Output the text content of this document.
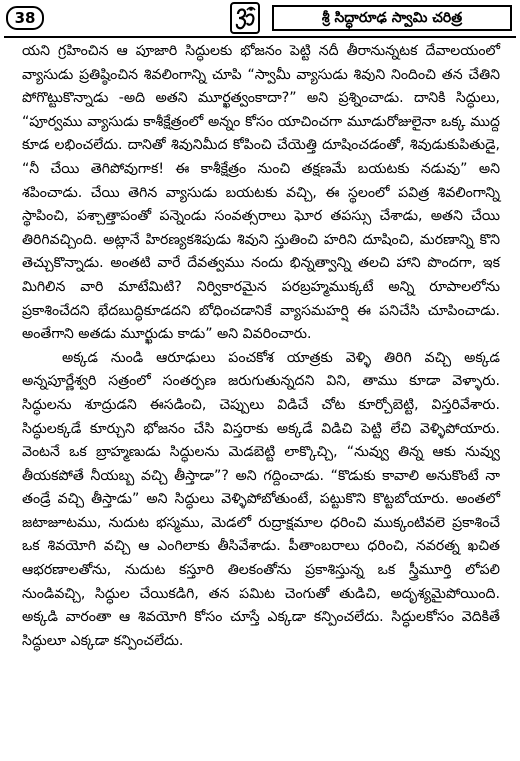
38	శ్రీ సిద్ధారూఢ స్వామి చరిత్ర

యని గ్రహించిన ఆ పూజారి సిద్ధులకు భోజనం పెట్టి నదీ తీరానున్నటక దేవాలయంలో వ్యాసుడు ప్రతిష్ఠించిన శివలింగాన్ని చూపి “స్వామీ వ్యాసుడు శివుని నిందించి తన చేతిని పోగొట్టుకొన్నాడు -అది అతని మూర్ఖత్వంకాదా?” అని ప్రశ్నించాడు. దానికి సిద్ధులు, “పూర్వము వ్యాసుడు కాశీక్షేత్రంలో అన్నం కోసం యాచించగా మూడురోజులైనా ఒక్క ముద్ద కూడ లభించలేదు. దానితో శివునిమీద కోపించి చేయెత్తి దూషించడంతో, శివుడుకుపితుడై, “నీ చేయి తెగిపోవుగాక! ఈ కాశీక్షేత్రం నుంచి తక్షణమే బయటకు నడువు” అని శపించాడు. చేయి తెగిన వ్యాసుడు బయటకు వచ్చి, ఈ స్థలంలో పవిత్ర శివలింగాన్ని స్థాపించి, పశ్చాత్తాపంతో పన్నెండు సంవత్సరాలు ఘోర తపస్సు చేశాడు, అతని చేయి తిరిగివచ్చింది. అట్లానే హిరణ్యకశిపుడు శివుని స్తుతించి హరిని దూషించి, మరణాన్ని కొని తెచ్చుకొన్నాడు. అంతటి వారే దేవత్వము నందు భిన్నత్వాన్ని తలచి హాని పొందగా, ఇక మిగిలిన వారి మాటేమిటి? నిర్వికారమైన పరబ్రహ్మముక్కటే అన్ని రూపాలలోను ప్రకాశించేదని భేదబుద్ధికూడదని బోధించడానికే వ్యాసమహర్షి ఈ పనిచేసి చూపించాడు. అంతేగాని అతడు మూర్ఖుడు కాడు” అని వివరించారు.

అక్కడ నుండి ఆరూఢులు పంచకోశ యాత్రకు వెళ్ళి తిరిగి వచ్చి అక్కడ అన్నపూర్ణేశ్వరి సత్రంలో సంతర్పణ జరుగుతున్నదని విని, తాము కూడా వెళ్ళారు. సిద్ధులను శూద్రుడని ఈసడించి, చెప్పులు విడిచే చోట కూర్చోబెట్టి, విస్తరివేశారు. సిద్ధులక్కడే కూర్చుని భోజనం చేసి విస్తరాకు అక్కడే విడిచి పెట్టి లేచి వెళ్ళిపోయారు. వెంటనే ఒక బ్రాహ్మణుడు సిద్ధులను మెడబెట్టి లాక్కొచ్చి, “నువ్వు తిన్న ఆకు నువ్వు తీయకపోతే నీయబ్బ వచ్చి తీస్తాడా”? అని గద్దించాడు. “కొడుకు కావాలి అనుకొంటే నా తండ్రే వచ్చి తీస్తాడు” అని సిద్ధులు వెళ్ళిపోబోతుంటే, పట్టుకొని కొట్టబోయారు. అంతలో జటాజూటము, నుదుట భస్మము, మెడలో రుద్రాక్షమాల ధరించి ముక్కంటివలె ప్రకాశించే ఒక శివయోగి వచ్చి ఆ ఎంగిలాకు తీసివేశాడు. పీతాంబరాలు ధరించి, నవరత్న ఖచిత ఆభరణాలతోను, నుదుట కస్తూరి తిలకంతోను ప్రకాశిస్తున్న ఒక స్త్రీమూర్తి లోపలి నుండివచ్చి, సిద్ధుల చేయికడిగి, తన పమిట చెంగుతో తుడిచి, అదృశ్యమైపోయింది. అక్కడి వారంతా ఆ శివయోగి కోసం చూస్తే ఎక్కడా కన్పించలేదు. సిద్ధులకోసం వెదికితే సిద్ధులూ ఎక్కడా కన్పించలేదు.
